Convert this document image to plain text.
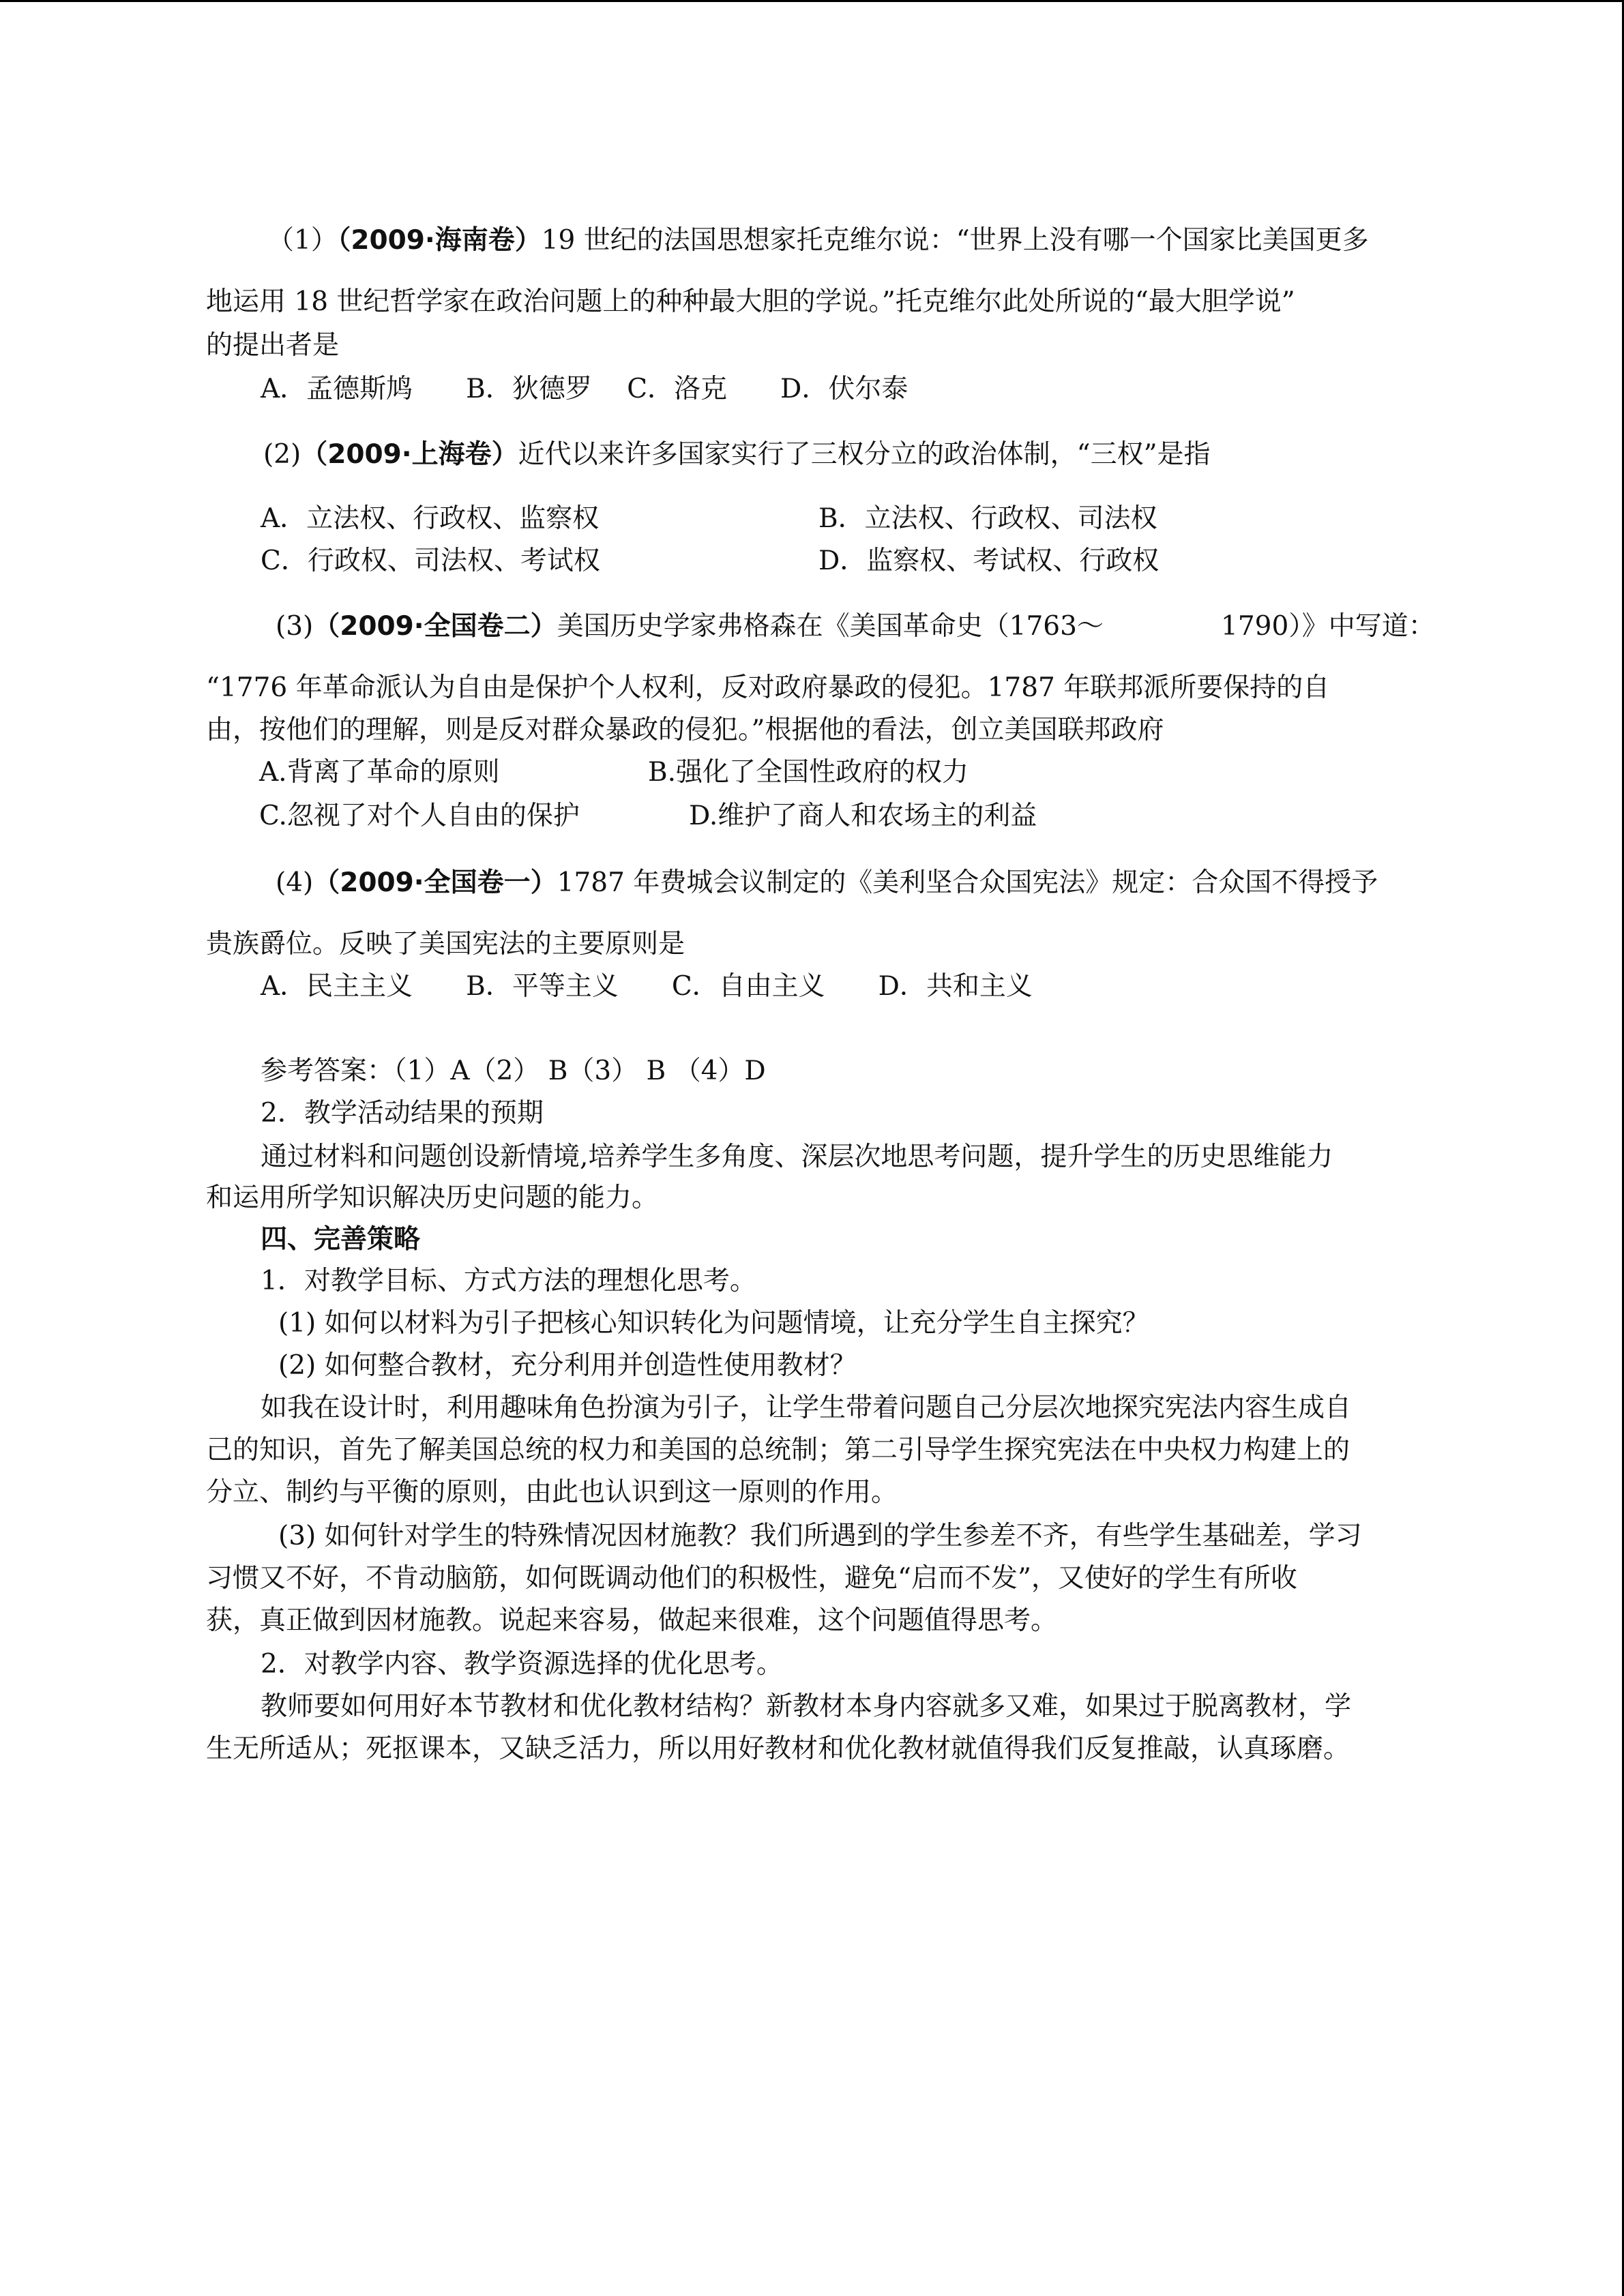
（1）（2009·海南卷）19 世纪的法国思想家托克维尔说：“世界上没有哪一个国家比美国更多
地运用 18 世纪哲学家在政治问题上的种种最大胆的学说。”托克维尔此处所说的“最大胆学说”
的提出者是
A．孟德斯鸠　　B．狄德罗　 C．洛克　　D．伏尔泰
(2)（2009·上海卷）近代以来许多国家实行了三权分立的政治体制，“三权”是指
A．立法权、行政权、监察权	B．立法权、行政权、司法权
C．行政权、司法权、考试权	D．监察权、考试权、行政权
(3)（2009·全国卷二）美国历史学家弗格森在《美国革命史（1763～	1790）》中写道：
“1776 年革命派认为自由是保护个人权利，反对政府暴政的侵犯。1787 年联邦派所要保持的自
由，按他们的理解，则是反对群众暴政的侵犯。”根据他的看法，创立美国联邦政府
A.背离了革命的原则	B.强化了全国性政府的权力
C.忽视了对个人自由的保护	D.维护了商人和农场主的利益
(4)（2009·全国卷一）1787 年费城会议制定的《美利坚合众国宪法》规定：合众国不得授予
贵族爵位。反映了美国宪法的主要原则是
A．民主主义　　B．平等主义　　C．自由主义　　D．共和主义
参考答案：（1）A（2） B（3） B （4）D
2．教学活动结果的预期
通过材料和问题创设新情境,培养学生多角度、深层次地思考问题，提升学生的历史思维能力
和运用所学知识解决历史问题的能力。
四、完善策略
1．对教学目标、方式方法的理想化思考。
(1) 如何以材料为引子把核心知识转化为问题情境，让充分学生自主探究？
(2) 如何整合教材，充分利用并创造性使用教材？
如我在设计时，利用趣味角色扮演为引子，让学生带着问题自己分层次地探究宪法内容生成自
己的知识，首先了解美国总统的权力和美国的总统制；第二引导学生探究宪法在中央权力构建上的
分立、制约与平衡的原则，由此也认识到这一原则的作用。
(3) 如何针对学生的特殊情况因材施教？我们所遇到的学生参差不齐，有些学生基础差，学习
习惯又不好，不肯动脑筋，如何既调动他们的积极性，避免“启而不发”，又使好的学生有所收
获，真正做到因材施教。说起来容易，做起来很难，这个问题值得思考。
2．对教学内容、教学资源选择的优化思考。
教师要如何用好本节教材和优化教材结构？新教材本身内容就多又难，如果过于脱离教材，学
生无所适从；死抠课本，又缺乏活力，所以用好教材和优化教材就值得我们反复推敲，认真琢磨。
